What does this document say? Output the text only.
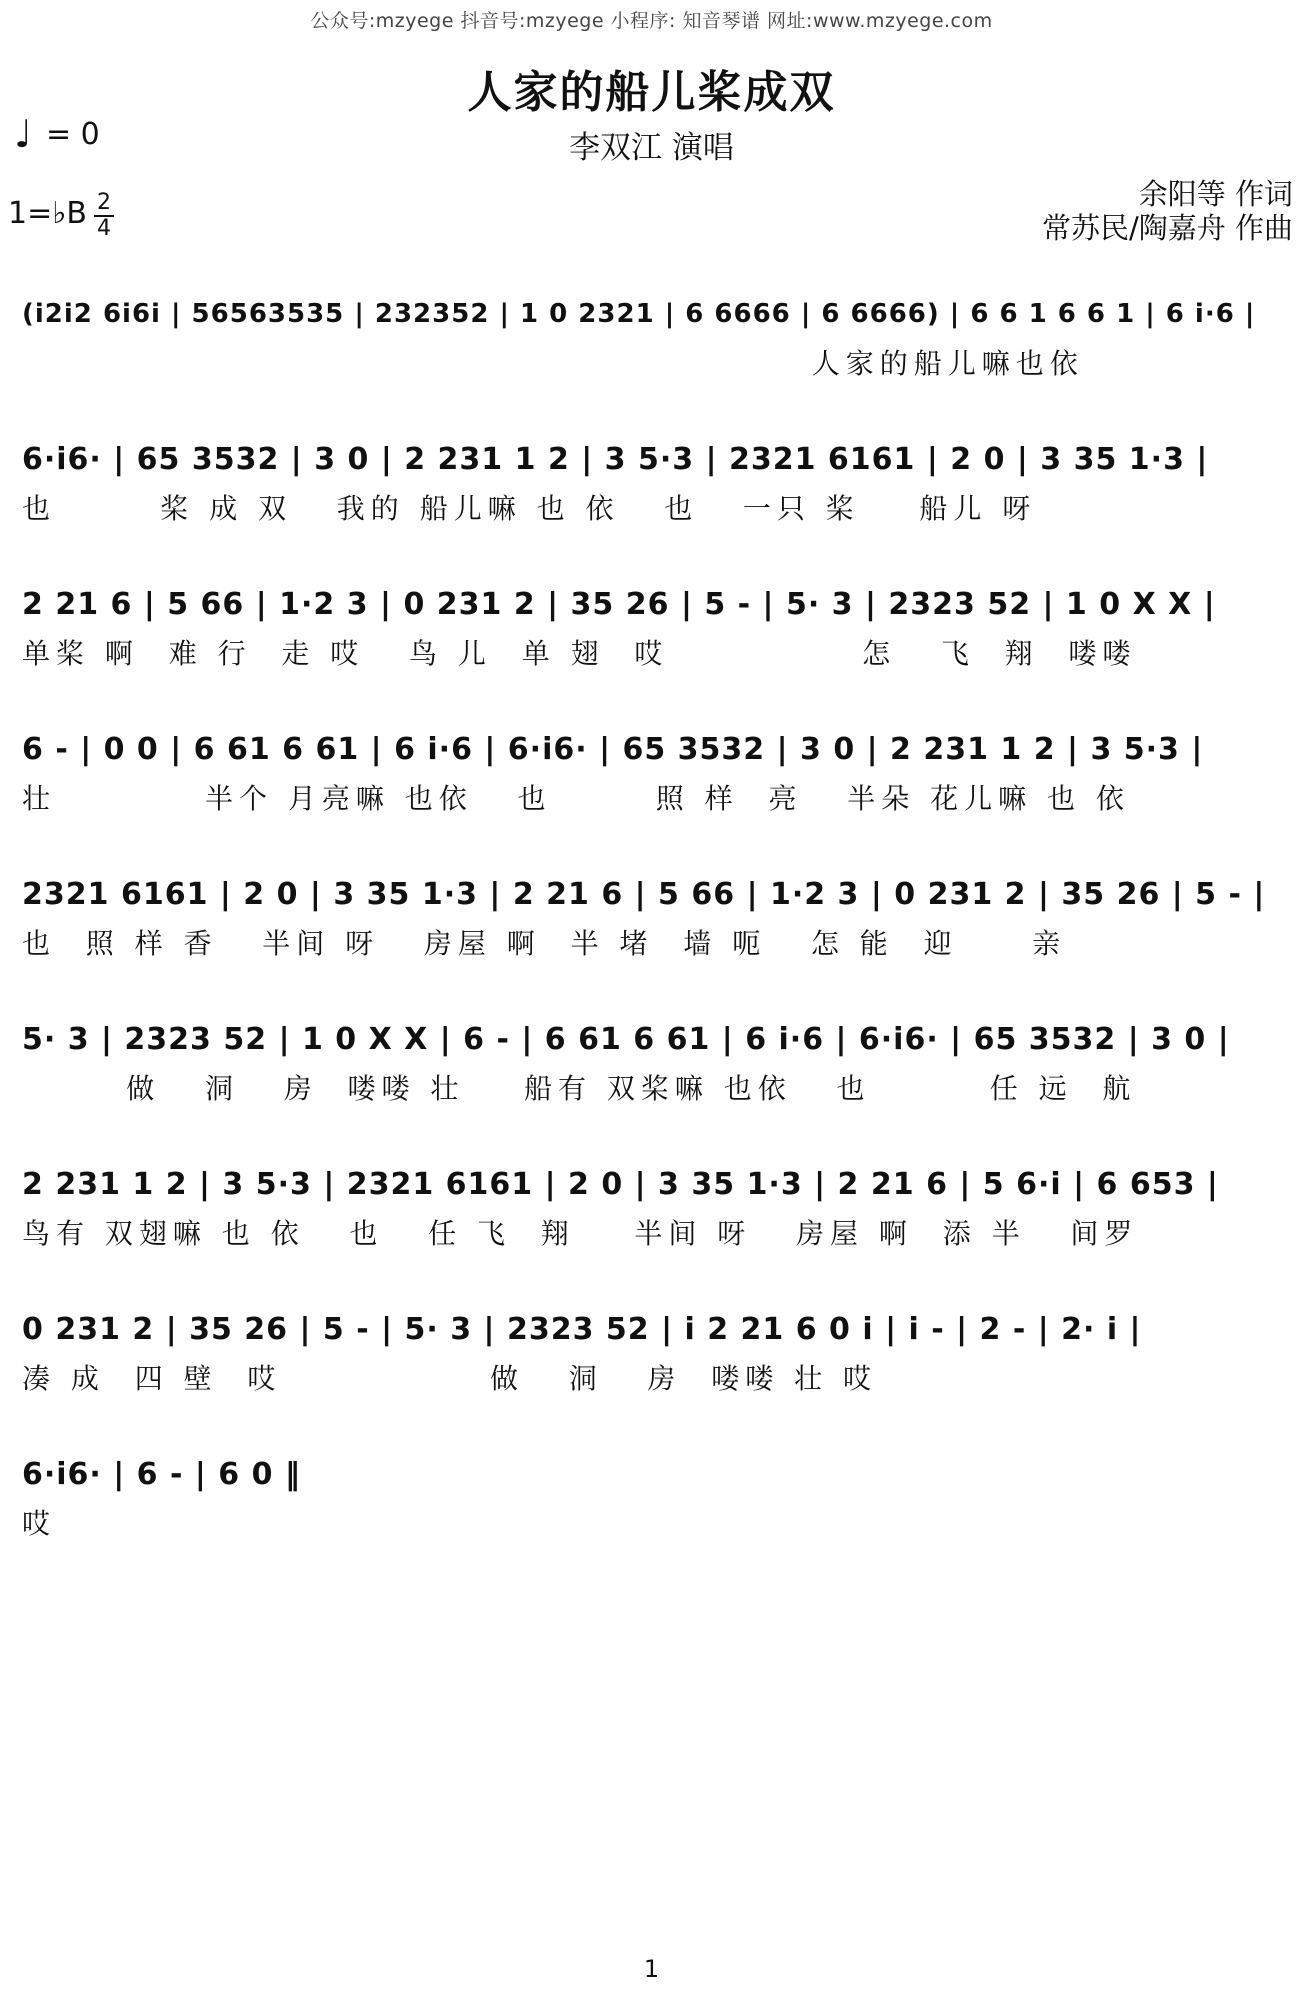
公众号:mzyege 抖音号:mzyege 小程序: 知音琴谱 网址:www.mzyege.com
人家的船儿桨成双
李双江 演唱
♩ = 0
1=♭B 2
4
余阳等 作词
常苏民/陶嘉舟 作曲
(i2i2 6i6i | 56563535 | 232352 | 1 0 2321 | 6 6666 | 6 6666) | 6 6 1 6 6 1 | 6 i·6 |
人家的船儿嘛也依
6·i6· | 65 3532 | 3 0 | 2 231 1 2 | 3 5·3 | 2321 6161 | 2 0 | 3 35 1·3 |
也       桨 成 双   我的 船儿嘛 也 依   也   一只 桨    船儿 呀
2 21 6 | 5 66 | 1·2 3 | 0 231 2 | 35 26 | 5 - | 5· 3 | 2323 52 | 1 0 X X |
单桨 啊  难 行  走 哎   鸟 儿  单 翅  哎             怎   飞  翔  喽喽
6 - | 0 0 | 6 61 6 61 | 6 i·6 | 6·i6· | 65 3532 | 3 0 | 2 231 1 2 | 3 5·3 |
壮          半个 月亮嘛 也依   也       照 样  亮   半朵 花儿嘛 也 依
2321 6161 | 2 0 | 3 35 1·3 | 2 21 6 | 5 66 | 1·2 3 | 0 231 2 | 35 26 | 5 - |
也  照 样 香   半间 呀   房屋 啊  半 堵  墙 呃   怎 能  迎     亲
5· 3 | 2323 52 | 1 0 X X | 6 - | 6 61 6 61 | 6 i·6 | 6·i6· | 65 3532 | 3 0 |
做   洞   房  喽喽 壮    船有 双桨嘛 也依   也        任 远  航
2 231 1 2 | 3 5·3 | 2321 6161 | 2 0 | 3 35 1·3 | 2 21 6 | 5 6·i | 6 653 |
鸟有 双翅嘛 也 依   也   任 飞  翔    半间 呀   房屋 啊  添 半   间罗
0 231 2 | 35 26 | 5 - | 5· 3 | 2323 52 | i 2 21 6 0 i | i - | 2 - | 2· i |
凑 成  四 壁  哎              做   洞   房  喽喽 壮 哎
6·i6· | 6 - | 6 0 ‖
哎
1
